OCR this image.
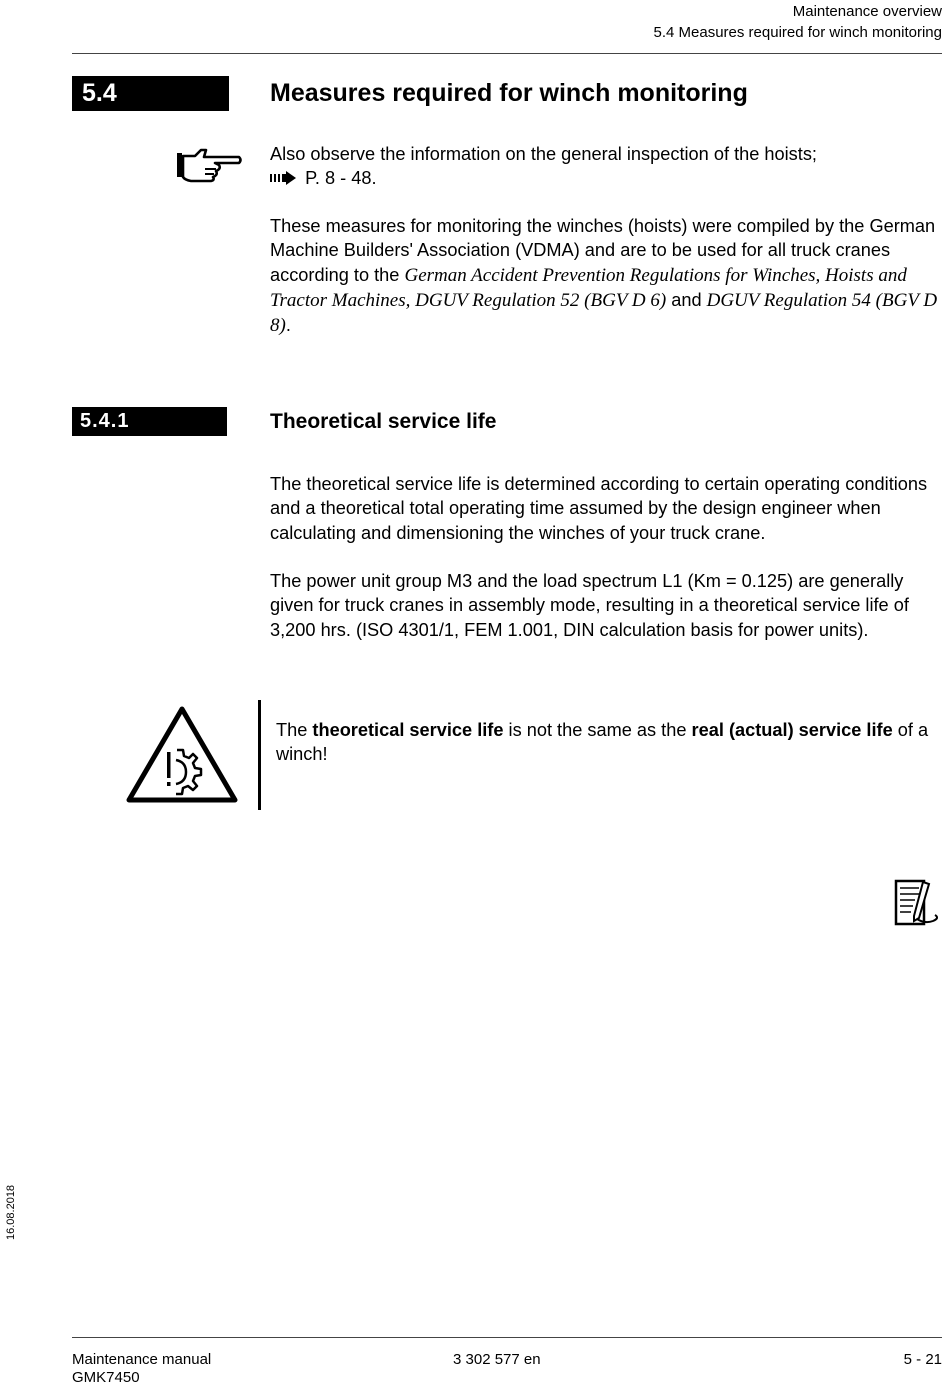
Maintenance overview
5.4 Measures required for winch monitoring
5.4	Measures required for winch monitoring
Also observe the information on the general inspection of the hoists;
P. 8 - 48.
These measures for monitoring the winches (hoists) were compiled by the German Machine Builders' Association (VDMA) and are to be used for all truck cranes according to the German Accident Prevention Regulations for Winches, Hoists and Tractor Machines, DGUV Regulation 52 (BGV D 6) and DGUV Regulation 54 (BGV D 8).
5.4.1	Theoretical service life
The theoretical service life is determined according to certain operating conditions and a theoretical total operating time assumed by the design engineer when calculating and dimensioning the winches of your truck crane.
The power unit group M3 and the load spectrum L1 (Km = 0.125) are generally given for truck cranes in assembly mode, resulting in a theoretical service life of 3,200 hrs. (ISO 4301/1, FEM 1.001, DIN calculation basis for power units).
The theoretical service life is not the same as the real (actual) service life of a winch!
16.08.2018
Maintenance manual
GMK7450
3 302 577 en	5 - 21
